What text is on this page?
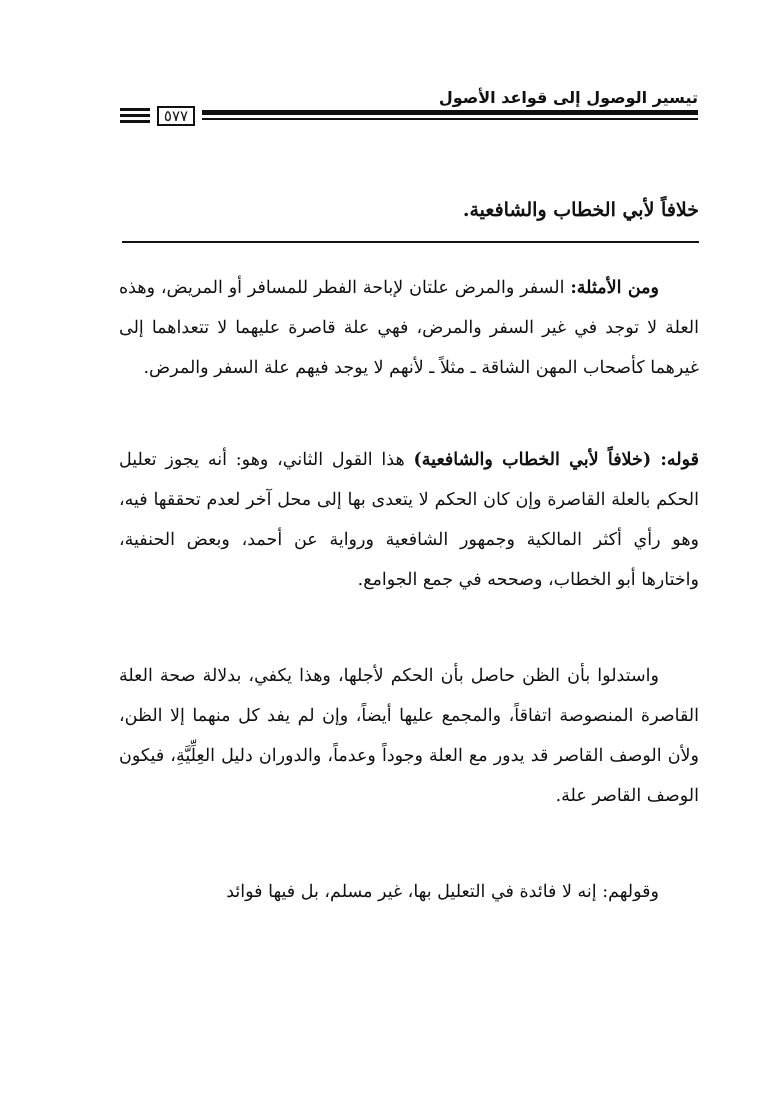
تيسير الوصول إلى قواعد الأصول
٥٧٧

خلافاً لأبي الخطاب والشافعية.

ومن الأمثلة: السفر والمرض علتان لإباحة الفطر للمسافر أو المريض، وهذه العلة لا توجد في غير السفر والمرض، فهي علة قاصرة عليهما لا تتعداهما إلى غيرهما كأصحاب المهن الشاقة ـ مثلاً ـ لأنهم لا يوجد فيهم علة السفر والمرض.

قوله: (خلافاً لأبي الخطاب والشافعية) هذا القول الثاني، وهو: أنه يجوز تعليل الحكم بالعلة القاصرة وإن كان الحكم لا يتعدى بها إلى محل آخر لعدم تحققها فيه، وهو رأي أكثر المالكية وجمهور الشافعية ورواية عن أحمد، وبعض الحنفية، واختارها أبو الخطاب، وصححه في جمع الجوامع.

واستدلوا بأن الظن حاصل بأن الحكم لأجلها، وهذا يكفي، بدلالة صحة العلة القاصرة المنصوصة اتفاقاً، والمجمع عليها أيضاً، وإن لم يفد كل منهما إلا الظن، ولأن الوصف القاصر قد يدور مع العلة وجوداً وعدماً، والدوران دليل العِلِّيَّةِ، فيكون الوصف القاصر علة.

وقولهم: إنه لا فائدة في التعليل بها، غير مسلم، بل فيها فوائد
